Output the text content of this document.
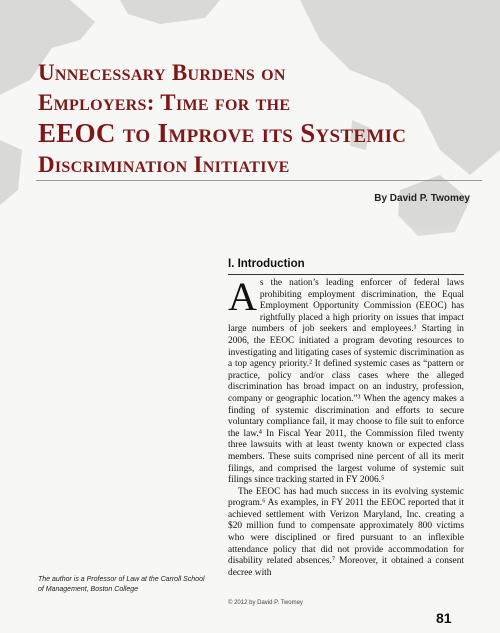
Unnecessary Burdens on
Employers: Time for the
EEOC to Improve its Systemic
Discrimination Initiative

By David P. Twomey

I. Introduction

As the nation’s leading enforcer of federal laws prohibiting employment discrimination, the Equal Employment Opportunity Commission (EEOC) has rightfully placed a high priority on issues that impact large numbers of job seekers and employees.¹ Starting in 2006, the EEOC initiated a program devoting resources to investigating and litigating cases of systemic discrimination as a top agency priority.² It defined systemic cases as “pattern or practice, policy and/or class cases where the alleged discrimination has broad impact on an industry, profession, company or geographic location.”³ When the agency makes a finding of systemic discrimination and efforts to secure voluntary compliance fail, it may choose to file suit to enforce the law.⁴ In Fiscal Year 2011, the Commission filed twenty three lawsuits with at least twenty known or expected class members. These suits comprised nine percent of all its merit filings, and comprised the largest volume of systemic suit filings since tracking started in FY 2006.⁵

The EEOC has had much success in its evolving systemic program.⁶ As examples, in FY 2011 the EEOC reported that it achieved settlement with Verizon Maryland, Inc. creating a $20 million fund to compensate approximately 800 victims who were disciplined or fired pursuant to an inflexible attendance policy that did not provide accommodation for disability related absences.⁷ Moreover, it obtained a consent decree with

The author is a Professor of Law at the Carroll School of Management, Boston College

© 2012 by David P. Twomey

81
